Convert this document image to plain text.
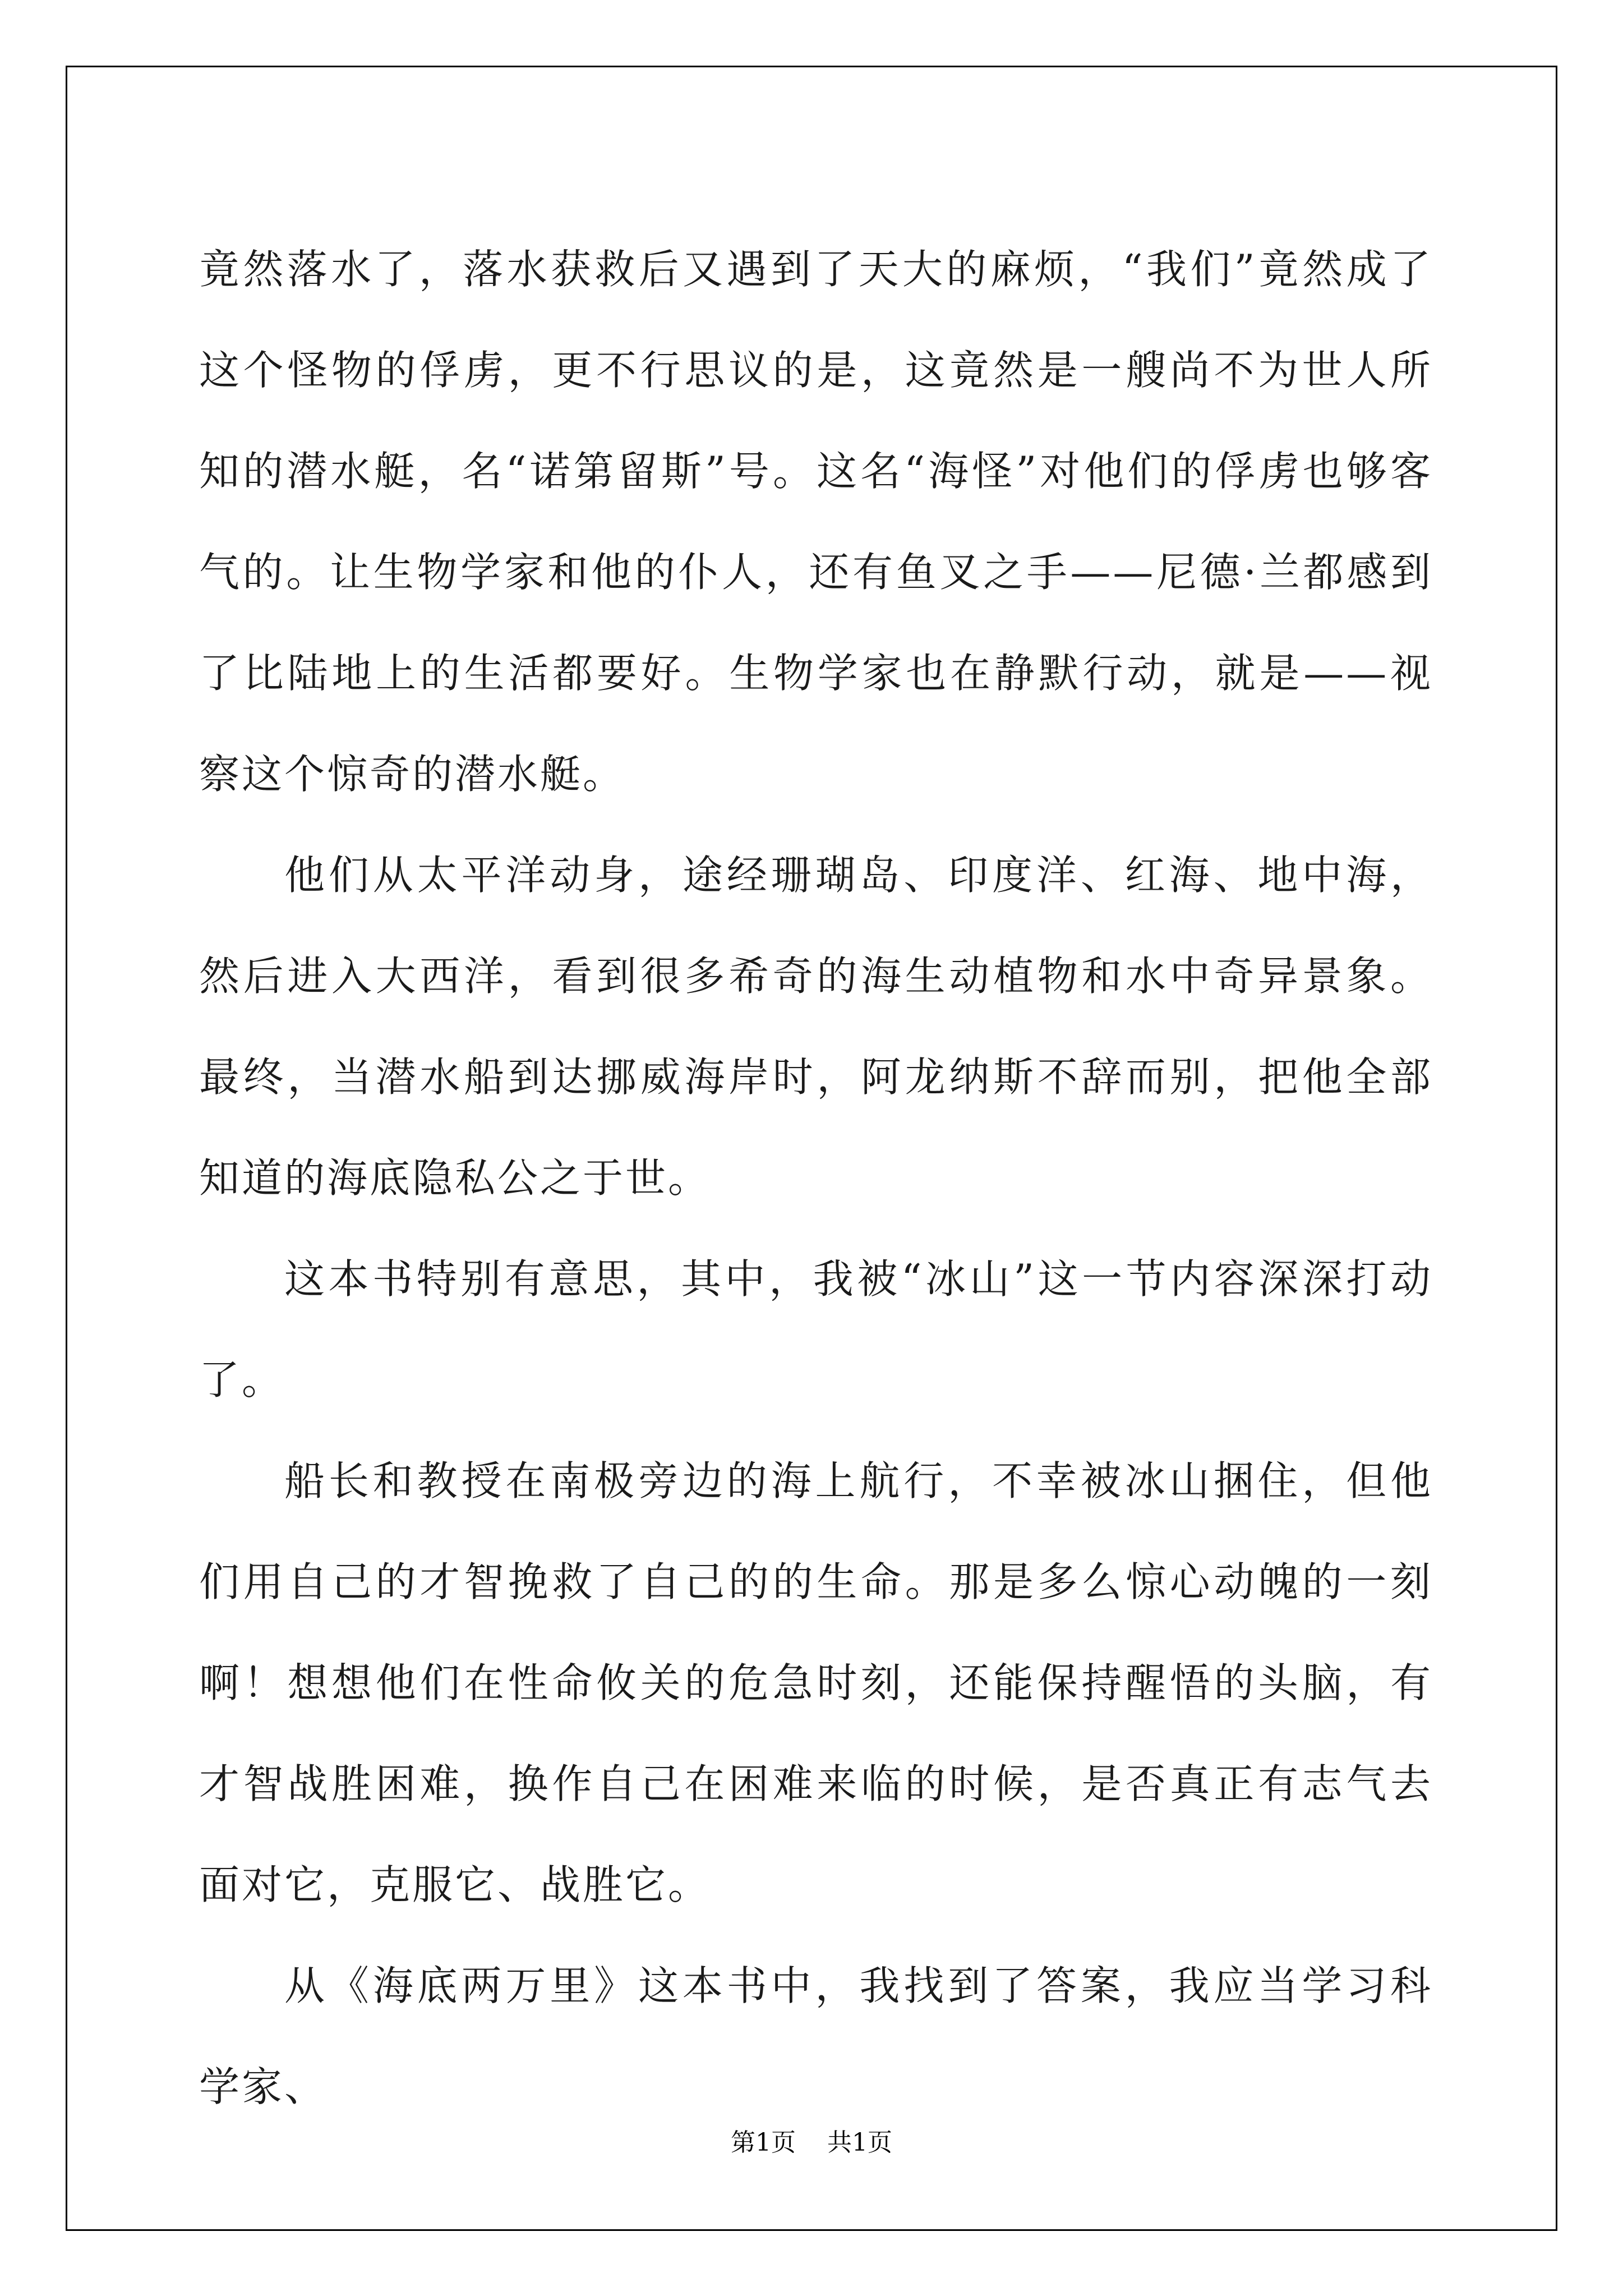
竟然落水了，落水获救后又遇到了天大的麻烦，“我们”竟然成了这个怪物的俘虏，更不行思议的是，这竟然是一艘尚不为世人所知的潜水艇，名“诺第留斯”号。这名“海怪”对他们的俘虏也够客气的。让生物学家和他的仆人，还有鱼叉之手——尼德·兰都感到了比陆地上的生活都要好。生物学家也在静默行动，就是——视察这个惊奇的潜水艇。

他们从太平洋动身，途经珊瑚岛、印度洋、红海、地中海，然后进入大西洋，看到很多希奇的海生动植物和水中奇异景象。最终，当潜水船到达挪威海岸时，阿龙纳斯不辞而别，把他全部知道的海底隐私公之于世。

这本书特别有意思，其中，我被“冰山”这一节内容深深打动了。

船长和教授在南极旁边的海上航行，不幸被冰山捆住，但他们用自己的才智挽救了自己的的生命。那是多么惊心动魄的一刻啊！想想他们在性命攸关的危急时刻，还能保持醒悟的头脑，有才智战胜困难，换作自己在困难来临的时候，是否真正有志气去面对它，克服它、战胜它。

从《海底两万里》这本书中，我找到了答案，我应当学习科学家、

第1页 共1页
